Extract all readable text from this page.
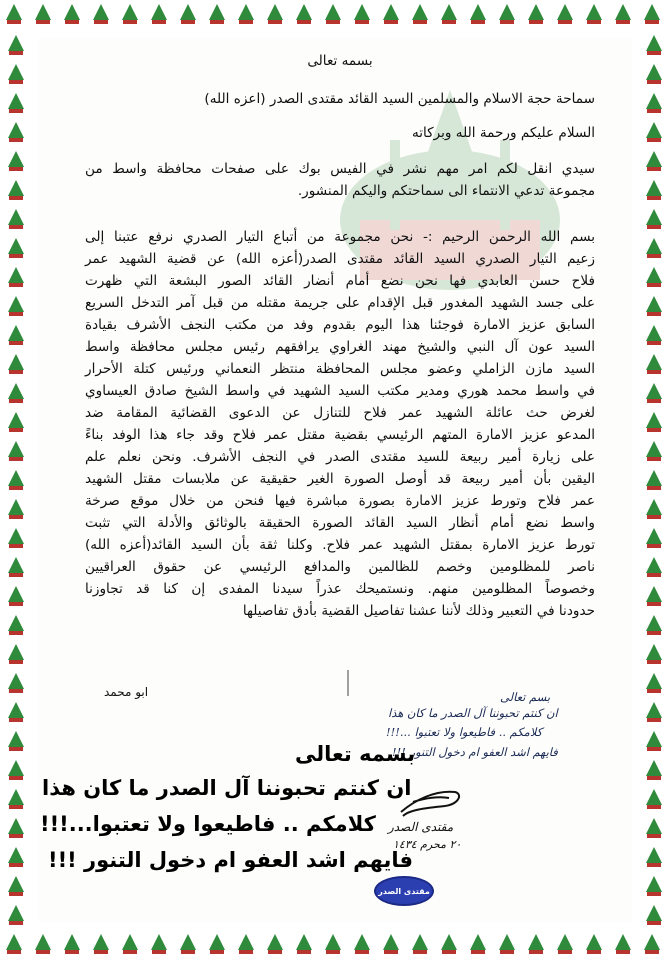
بسمه تعالى
سماحة حجة الاسلام والمسلمين السيد القائد مقتدى الصدر (اعزه الله)
السلام عليكم ورحمة الله وبركاته
سيدي انقل لكم امر مهم نشر في الفيس بوك على صفحات محافظة واسط من
مجموعة تدعي الانتماء الى سماحتكم واليكم المنشور.
بسم الله الرحمن الرحيم :- نحن مجموعة من أتباع التيار الصدري نرفع عتبنا إلى
زعيم التيار الصدري السيد القائد مقتدى الصدر(أعزه الله) عن قضية الشهيد عمر
فلاح حسن العابدي فها نحن نضع أمام أنضار القائد الصور البشعة التي ظهرت
على جسد الشهيد المغدور قبل الإقدام على جريمة مقتله من قبل آمر التدخل السريع
السابق عزيز الامارة فوجئنا هذا اليوم بقدوم وفد من مكتب النجف الأشرف بقيادة
السيد عون آل النبي والشيخ مهند الغراوي يرافقهم رئيس مجلس محافظة واسط
السيد مازن الزاملي وعضو مجلس المحافظة منتظر النعماني ورئيس كتلة الأحرار
في واسط محمد هوري ومدير مكتب السيد الشهيد في واسط الشيخ صادق العيساوي
لغرض حث عائلة الشهيد عمر فلاح للتنازل عن الدعوى القضائية المقامة ضد
المدعو عزيز الامارة المتهم الرئيسي بقضية مقتل عمر فلاح وقد جاء هذا الوفد بناءً
على زيارة أمير ربيعة للسيد مقتدى الصدر في النجف الأشرف. ونحن نعلم علم
اليقين بأن أمير ربيعة قد أوصل الصورة الغير حقيقية عن ملابسات مقتل الشهيد
عمر فلاح وتورط عزيز الامارة بصورة مباشرة فيها فنحن من خلال موقع صرخة
واسط نضع أمام أنظار السيد القائد الصورة الحقيقة بالوثائق والأدلة التي تثبت
تورط عزيز الامارة بمقتل الشهيد عمر فلاح. وكلنا ثقة بأن السيد القائد(أعزه الله)
ناصر للمظلومين وخصم للظالمين والمدافع الرئيسي عن حقوق العراقيين
وخصوصاً المظلومين منهم. ونستميحك عذراً سيدنا المفدى إن كنا قد تجاوزنا
حدودنا في التعبير وذلك لأننا عشنا تفاصيل القضية بأدق تفاصيلها
ابو محمد	بسم تعالى
ان كنتم تحبوننا آل الصدر ما كان هذا
كلامكم .. فاطيعوا ولا تعتبوا ...!!!
فايهم اشد العفو ام دخول التنور !!!
بسمه تعالى
ان كنتم تحبوننا آل الصدر ما كان هذا
كلامكم .. فاطيعوا ولا تعتبوا...!!!
فايهم اشد العفو ام دخول التنور !!!
مقتدى الصدر
٢٠ محرم ١٤٣٤
مقتدى الصدر
